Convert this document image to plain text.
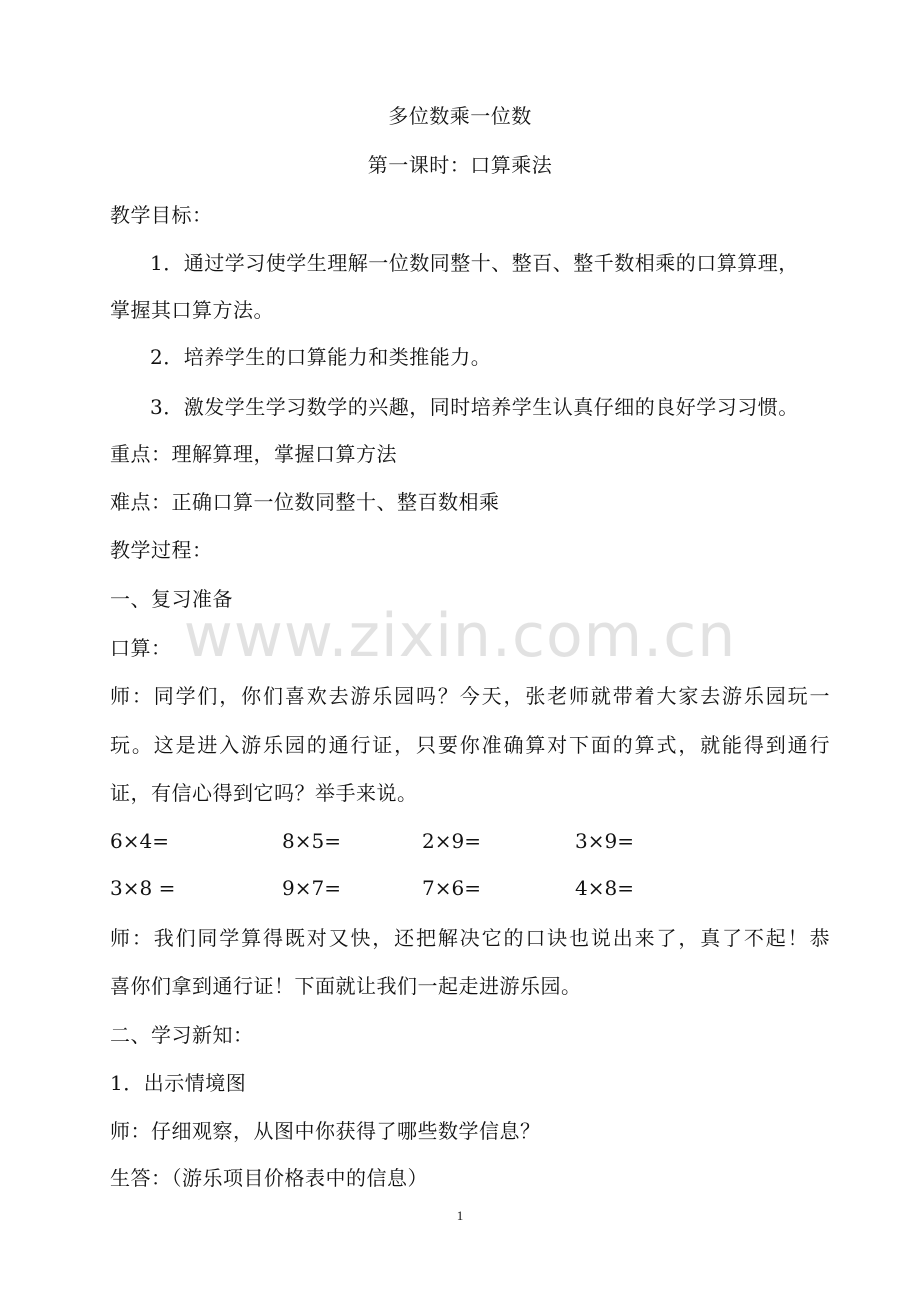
多位数乘一位数
第一课时：口算乘法
教学目标：
1．通过学习使学生理解一位数同整十、整百、整千数相乘的口算算理，
掌握其口算方法。
2．培养学生的口算能力和类推能力。
3．激发学生学习数学的兴趣，同时培养学生认真仔细的良好学习习惯。
重点：理解算理，掌握口算方法
难点：正确口算一位数同整十、整百数相乘
教学过程：
一、复习准备
口算：
师：同学们，你们喜欢去游乐园吗？今天，张老师就带着大家去游乐园玩一
玩。这是进入游乐园的通行证，只要你准确算对下面的算式，就能得到通行
证，有信心得到它吗？举手来说。
6×4=	8×5=	2×9=	3×9=
3×8 =	9×7=	7×6=	4×8=
师：我们同学算得既对又快，还把解决它的口诀也说出来了，真了不起！恭
喜你们拿到通行证！下面就让我们一起走进游乐园。
二、学习新知：
1．出示情境图
师：仔细观察，从图中你获得了哪些数学信息？
生答：（游乐项目价格表中的信息）
www.zixin.com.cn
1
